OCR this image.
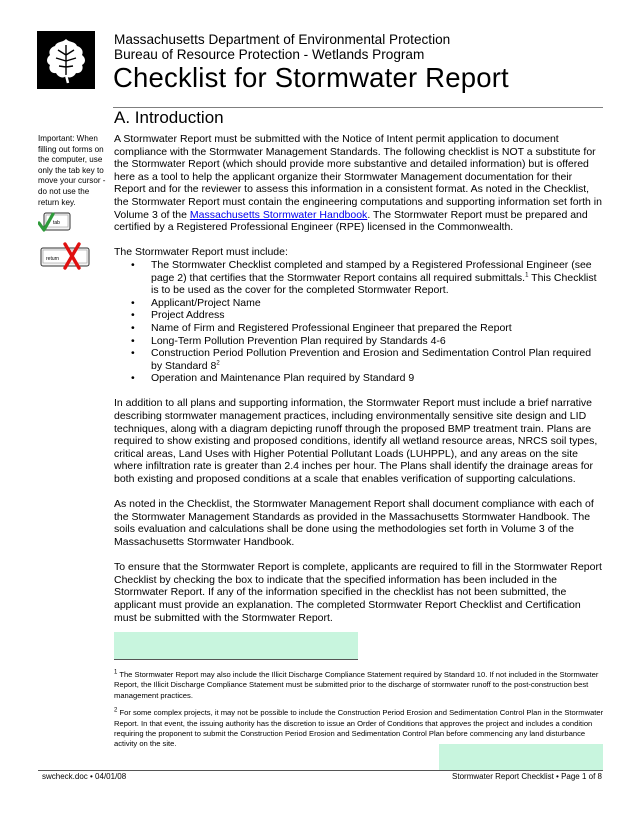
Massachusetts Department of Environmental Protection
Bureau of Resource Protection - Wetlands Program
Checklist for Stormwater Report
A. Introduction
Important: When filling out forms on the computer, use only the tab key to move your cursor - do not use the return key.
tab
return

A Stormwater Report must be submitted with the Notice of Intent permit application to document compliance with the Stormwater Management Standards. The following checklist is NOT a substitute for the Stormwater Report (which should provide more substantive and detailed information) but is offered here as a tool to help the applicant organize their Stormwater Management documentation for their Report and for the reviewer to assess this information in a consistent format. As noted in the Checklist, the Stormwater Report must contain the engineering computations and supporting information set forth in Volume 3 of the Massachusetts Stormwater Handbook. The Stormwater Report must be prepared and certified by a Registered Professional Engineer (RPE) licensed in the Commonwealth.

The Stormwater Report must include:

• The Stormwater Checklist completed and stamped by a Registered Professional Engineer (see page 2) that certifies that the Stormwater Report contains all required submittals.$^1$ This Checklist is to be used as the cover for the completed Stormwater Report.
• Applicant/Project Name
• Project Address
• Name of Firm and Registered Professional Engineer that prepared the Report
• Long-Term Pollution Prevention Plan required by Standards 4-6
• Construction Period Pollution Prevention and Erosion and Sedimentation Control Plan required by Standard $8^2$
• Operation and Maintenance Plan required by Standard 9

In addition to all plans and supporting information, the Stormwater Report must include a brief narrative describing stormwater management practices, including environmentally sensitive site design and LID techniques, along with a diagram depicting runoff through the proposed BMP treatment train. Plans are required to show existing and proposed conditions, identify all wetland resource areas, NRCS soil types, critical areas, Land Uses with Higher Potential Pollutant Loads (LUHPPL), and any areas on the site where infiltration rate is greater than 2.4 inches per hour. The Plans shall identify the drainage areas for both existing and proposed conditions at a scale that enables verification of supporting calculations.

As noted in the Checklist, the Stormwater Management Report shall document compliance with each of the Stormwater Management Standards as provided in the Massachusetts Stormwater Handbook. The soils evaluation and calculations shall be done using the methodologies set forth in Volume 3 of the Massachusetts Stormwater Handbook.

To ensure that the Stormwater Report is complete, applicants are required to fill in the Stormwater Report Checklist by checking the box to indicate that the specified information has been included in the Stormwater Report. If any of the information specified in the checklist has not been submitted, the applicant must provide an explanation. The completed Stormwater Report Checklist and Certification must be submitted with the Stormwater Report.

$^1$ The Stormwater Report may also include the Illicit Discharge Compliance Statement required by Standard 10. If not included in the Stormwater Report, the Illicit Discharge Compliance Statement must be submitted prior to the discharge of stormwater runoff to the post-construction best management practices.

$^2$ For some complex projects, it may not be possible to include the Construction Period Erosion and Sedimentation Control Plan in the Stormwater Report. In that event, the issuing authority has the discretion to issue an Order of Conditions that approves the project and includes a condition requiring the proponent to submit the Construction Period Erosion and Sedimentation Control Plan before commencing any land disturbance activity on the site.

swcheck.doc • 04/01/08	Stormwater Report Checklist • Page 1 of 8
